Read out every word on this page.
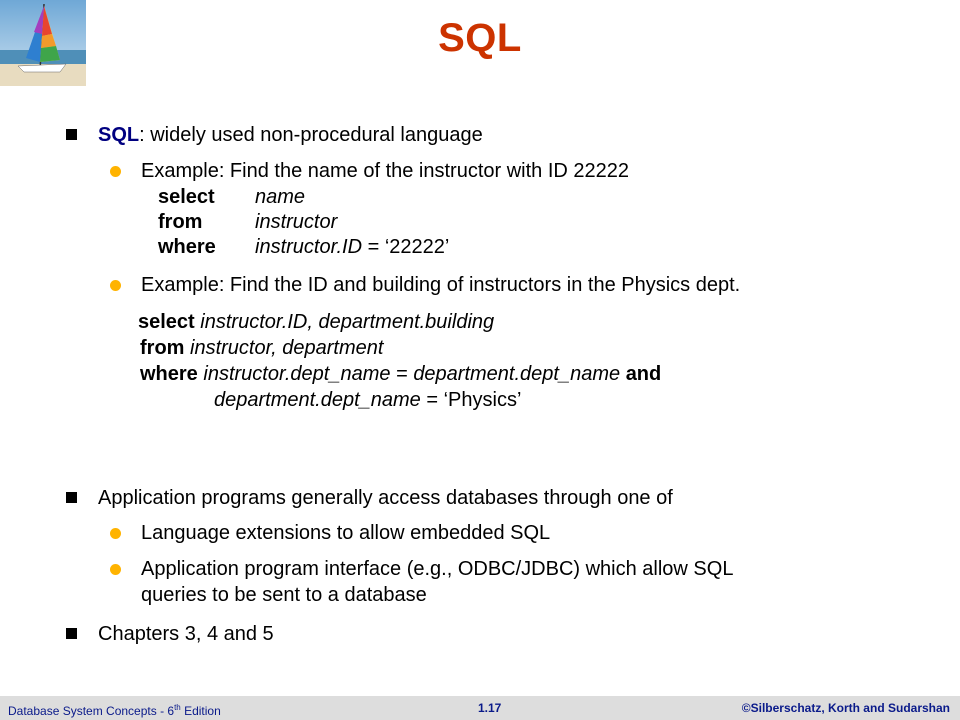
SQL
SQL: widely used non-procedural language
Example: Find the name of the instructor with ID 22222
select name
from	instructor
where instructor.ID = ‘22222’
Example: Find the ID and building of instructors in the Physics dept.
select instructor.ID, department.building
from instructor, department
where instructor.dept_name = department.dept_name and
department.dept_name = ‘Physics’
Application programs generally access databases through one of
Language extensions to allow embedded SQL
Application program interface (e.g., ODBC/JDBC) which allow SQL
queries to be sent to a database
Chapters 3, 4 and 5
Database System Concepts - 6th Edition	1.17	©Silberschatz, Korth and Sudarshan
